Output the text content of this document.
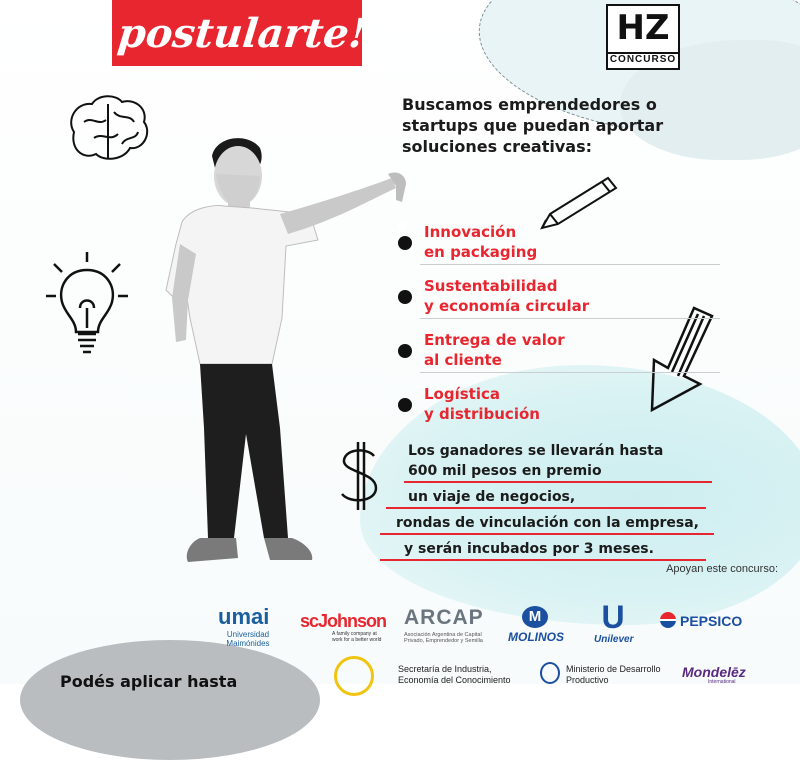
postularte!	HZ
CONCURSO
Buscamos emprendedores o startups que puedan aportar soluciones creativas:
Innovación
en packaging
Sustentabilidad
y economía circular
Entrega de valor
al cliente
Logística
y distribución
Los ganadores se llevarán hasta
600 mil pesos en premio
un viaje de negocios,
rondas de vinculación con la empresa,
y serán incubados por 3 meses.
Apoyan este concurso:
umai
Universidad Maimónides
scJohnson
A family company at work for a better world
ARCAP
Asociación Argentina de Capital Privado, Emprendedor y Semilla
M
MOLINOS
U
Unilever
PEPSICO
Secretaría de Industria, Economía del Conocimiento
Ministerio de Desarrollo Productivo	Mondelēz
International
Podés aplicar hasta
